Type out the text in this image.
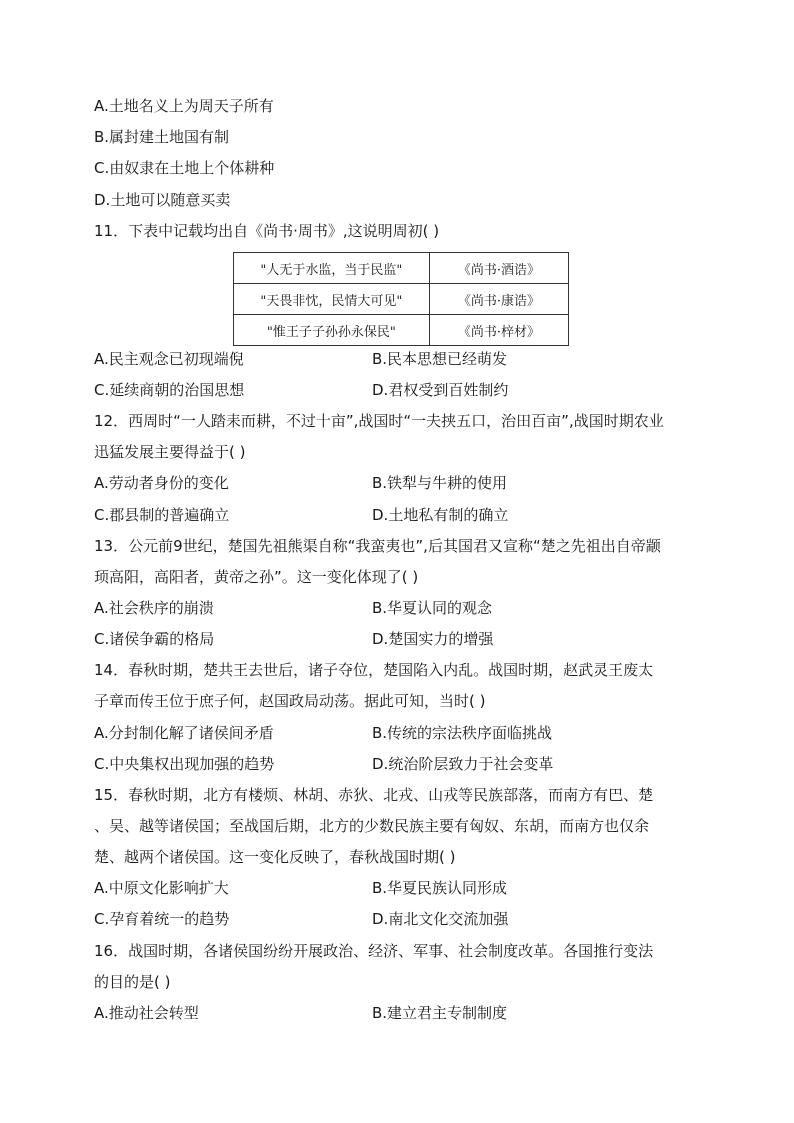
A.土地名义上为周天子所有
B.属封建土地国有制
C.由奴隶在土地上个体耕种
D.土地可以随意买卖
11．下表中记载均出自《尚书·周书》,这说明周初( )
"人无于水监，当于民监"	《尚书·酒诰》
"天畏非忱，民情大可见"	《尚书·康诰》
"惟王子子孙孙永保民"	《尚书·梓材》
A.民主观念已初现端倪	B.民本思想已经萌发
C.延续商朝的治国思想	D.君权受到百姓制约
12．西周时“一人踏耒而耕，不过十亩”,战国时“一夫挟五口，治田百亩”,战国时期农业
迅猛发展主要得益于( )
A.劳动者身份的变化	B.铁犁与牛耕的使用
C.郡县制的普遍确立	D.土地私有制的确立
13．公元前9世纪，楚国先祖熊渠自称“我蛮夷也”,后其国君又宣称“楚之先祖出自帝颛
顼高阳，高阳者，黄帝之孙”。这一变化体现了( )
A.社会秩序的崩溃	B.华夏认同的观念
C.诸侯争霸的格局	D.楚国实力的增强
14．春秋时期，楚共王去世后，诸子夺位，楚国陷入内乱。战国时期，赵武灵王废太
子章而传王位于庶子何，赵国政局动荡。据此可知，当时( )
A.分封制化解了诸侯间矛盾	B.传统的宗法秩序面临挑战
C.中央集权出现加强的趋势	D.统治阶层致力于社会变革
15．春秋时期，北方有楼烦、林胡、赤狄、北戎、山戎等民族部落，而南方有巴、楚
、吴、越等诸侯国；至战国后期，北方的少数民族主要有匈奴、东胡，而南方也仅余
楚、越两个诸侯国。这一变化反映了，春秋战国时期( )
A.中原文化影响扩大	B.华夏民族认同形成
C.孕育着统一的趋势	D.南北文化交流加强
16．战国时期，各诸侯国纷纷开展政治、经济、军事、社会制度改革。各国推行变法
的目的是( )
A.推动社会转型	B.建立君主专制制度
